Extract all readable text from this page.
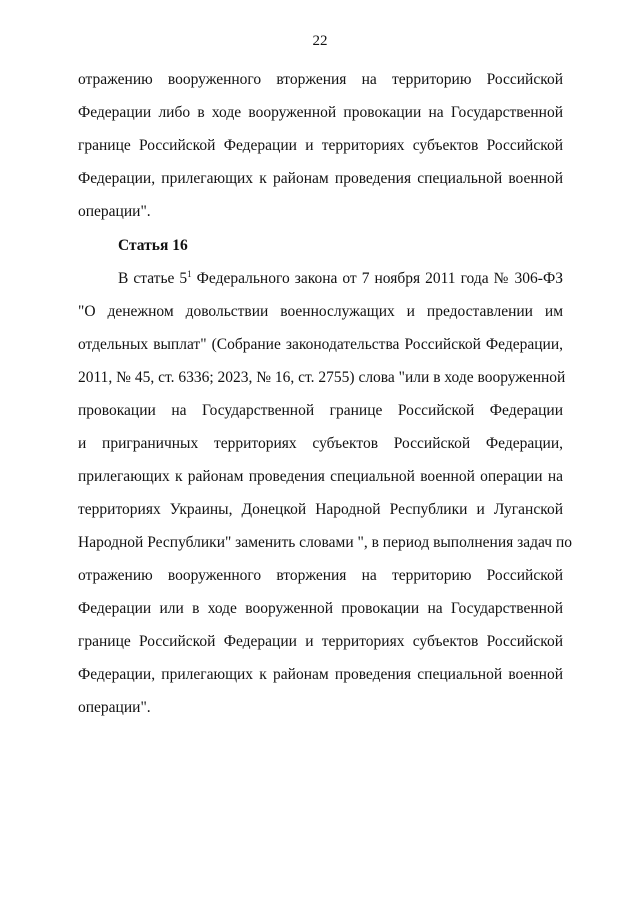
22
отражению вооруженного вторжения на территорию Российской
Федерации либо в ходе вооруженной провокации на Государственной
границе Российской Федерации и территориях субъектов Российской
Федерации, прилегающих к районам проведения специальной военной
операции".
Статья 16
В статье $5^1$ Федерального закона от 7 ноября 2011 года № 306-ФЗ
"О денежном довольствии военнослужащих и предоставлении им
отдельных выплат" (Собрание законодательства Российской Федерации,
2011, № 45, ст. 6336; 2023, № 16, ст. 2755) слова "или в ходе вооруженной
провокации на Государственной границе Российской Федерации
и приграничных территориях субъектов Российской Федерации,
прилегающих к районам проведения специальной военной операции на
территориях Украины, Донецкой Народной Республики и Луганской
Народной Республики" заменить словами ", в период выполнения задач по
отражению вооруженного вторжения на территорию Российской
Федерации или в ходе вооруженной провокации на Государственной
границе Российской Федерации и территориях субъектов Российской
Федерации, прилегающих к районам проведения специальной военной
операции".
